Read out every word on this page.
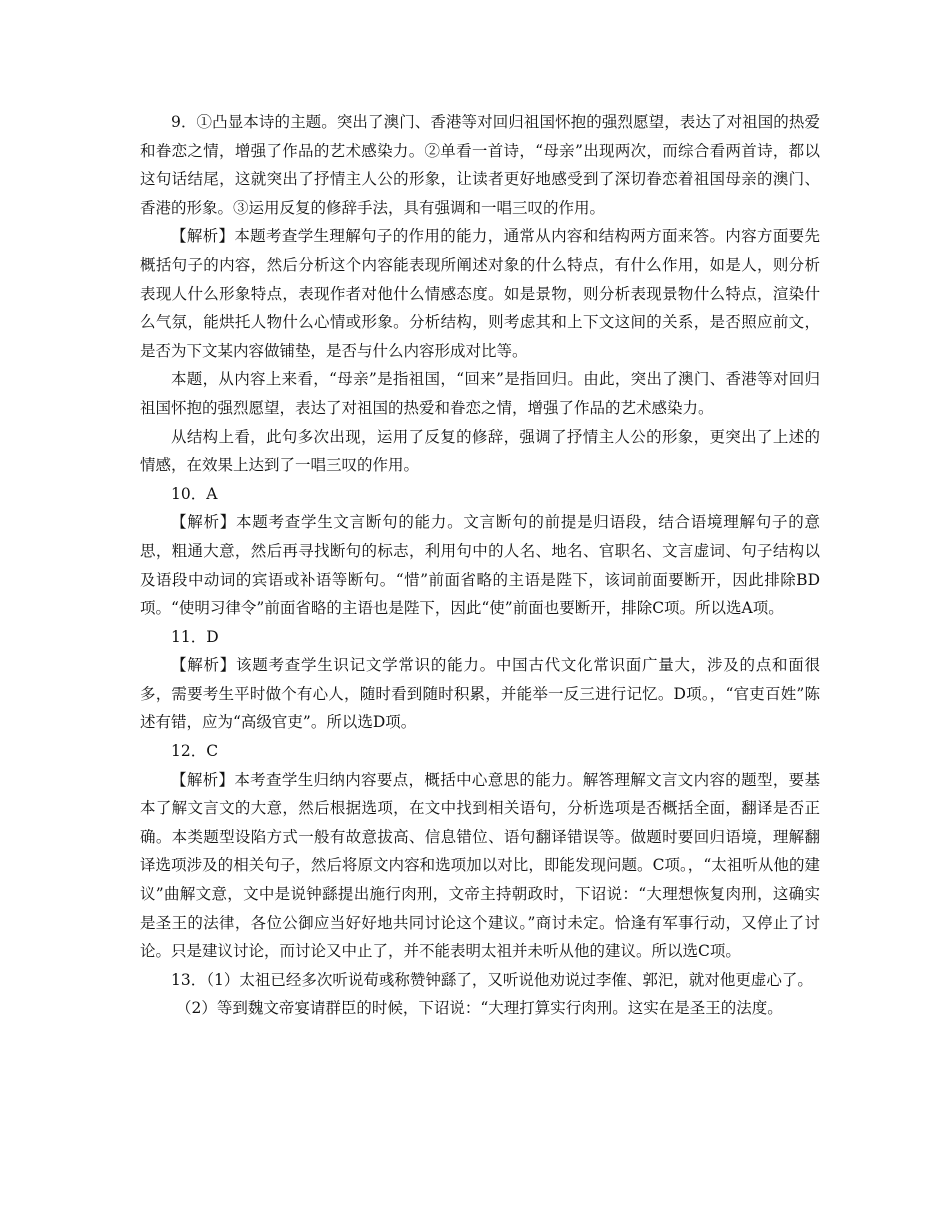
9．①凸显本诗的主题。突出了澳门、香港等对回归祖国怀抱的强烈愿望，表达了对祖国的热爱和眷恋之情，增强了作品的艺术感染力。②单看一首诗，“母亲”出现两次，而综合看两首诗，都以这句话结尾，这就突出了抒情主人公的形象，让读者更好地感受到了深切眷恋着祖国母亲的澳门、香港的形象。③运用反复的修辞手法，具有强调和一唱三叹的作用。

【解析】本题考查学生理解句子的作用的能力，通常从内容和结构两方面来答。内容方面要先概括句子的内容，然后分析这个内容能表现所阐述对象的什么特点，有什么作用，如是人，则分析表现人什么形象特点，表现作者对他什么情感态度。如是景物，则分析表现景物什么特点，渲染什么气氛，能烘托人物什么心情或形象。分析结构，则考虑其和上下文这间的关系，是否照应前文，是否为下文某内容做铺垫，是否与什么内容形成对比等。

本题，从内容上来看，“母亲”是指祖国，“回来”是指回归。由此，突出了澳门、香港等对回归祖国怀抱的强烈愿望，表达了对祖国的热爱和眷恋之情，增强了作品的艺术感染力。

从结构上看，此句多次出现，运用了反复的修辞，强调了抒情主人公的形象，更突出了上述的情感，在效果上达到了一唱三叹的作用。

10．A

【解析】本题考查学生文言断句的能力。文言断句的前提是归语段，结合语境理解句子的意思，粗通大意，然后再寻找断句的标志，利用句中的人名、地名、官职名、文言虚词、句子结构以及语段中动词的宾语或补语等断句。“惜”前面省略的主语是陛下，该词前面要断开，因此排除BD项。“使明习律令”前面省略的主语也是陛下，因此“使”前面也要断开，排除C项。所以选A项。

11．D

【解析】该题考查学生识记文学常识的能力。中国古代文化常识面广量大，涉及的点和面很多，需要考生平时做个有心人，随时看到随时积累，并能举一反三进行记忆。D项。，“官吏百姓”陈述有错，应为“高级官吏”。所以选D项。

12．C

【解析】本考查学生归纳内容要点，概括中心意思的能力。解答理解文言文内容的题型，要基本了解文言文的大意，然后根据选项，在文中找到相关语句，分析选项是否概括全面，翻译是否正确。本类题型设陷方式一般有故意拔高、信息错位、语句翻译错误等。做题时要回归语境，理解翻译选项涉及的相关句子，然后将原文内容和选项加以对比，即能发现问题。C项。，“太祖听从他的建议”曲解文意，文中是说钟繇提出施行肉刑，文帝主持朝政时，下诏说：“大理想恢复肉刑，这确实是圣王的法律，各位公御应当好好地共同讨论这个建议。”商讨未定。恰逢有军事行动，又停止了讨论。只是建议讨论，而讨论又中止了，并不能表明太祖并未听从他的建议。所以选C项。

13．（1）太祖已经多次听说荀彧称赞钟繇了，又听说他劝说过李傕、郭汜，就对他更虚心了。

（2）等到魏文帝宴请群臣的时候，下诏说：“大理打算实行肉刑。这实在是圣王的法度。
